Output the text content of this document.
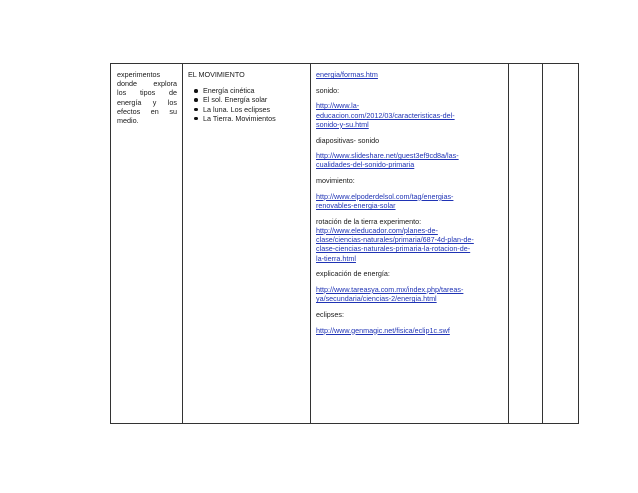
experimentos
donde explora
los tipos de
energía y los
efectos en su
medio.
EL MOVIMIENTO
Energía cinética
El sol. Energía solar
La luna. Los eclipses
La Tierra. Movimientos
energia/formas.htm
sonido:
http://www.la-
educacion.com/2012/03/caracteristicas-del-
sonido-y-su.html
diapositivas- sonido
http://www.slideshare.net/guest3ef9cd8a/las-
cualidades-del-sonido-primaria
movimiento:
http://www.elpoderdelsol.com/tag/energias-
renovables-energia-solar
rotación de la tierra experimento:
http://www.eleducador.com/planes-de-
clase/ciencias-naturales/primaria/687-4d-plan-de-
clase-ciencias-naturales-primaria-la-rotacion-de-
la-tierra.html
explicación de energía:
http://www.tareasya.com.mx/index.php/tareas-
ya/secundaria/ciencias-2/energia.html
eclipses:
http://www.genmagic.net/fisica/eclip1c.swf
